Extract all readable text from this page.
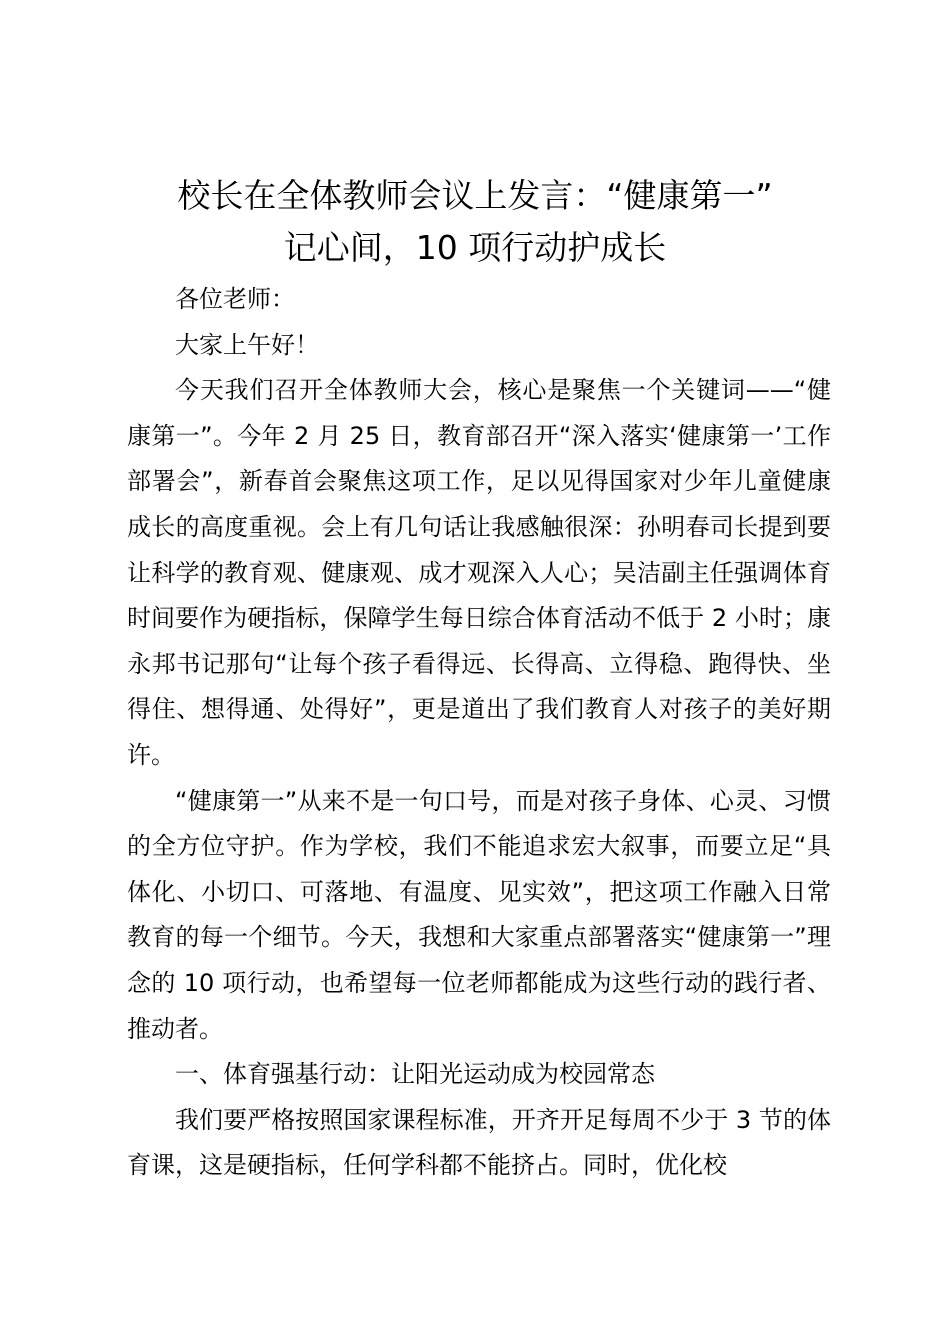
校长在全体教师会议上发言：“健康第一”
记心间，10 项行动护成长

各位老师：

大家上午好！

今天我们召开全体教师大会，核心是聚焦一个关键词——“健康第一”。今年 2 月 25 日，教育部召开“深入落实‘健康第一’工作部署会”，新春首会聚焦这项工作，足以见得国家对少年儿童健康成长的高度重视。会上有几句话让我感触很深：孙明春司长提到要让科学的教育观、健康观、成才观深入人心；吴洁副主任强调体育时间要作为硬指标，保障学生每日综合体育活动不低于 2 小时；康永邦书记那句“让每个孩子看得远、长得高、立得稳、跑得快、坐得住、想得通、处得好”，更是道出了我们教育人对孩子的美好期许。

“健康第一”从来不是一句口号，而是对孩子身体、心灵、习惯的全方位守护。作为学校，我们不能追求宏大叙事，而要立足“具体化、小切口、可落地、有温度、见实效”，把这项工作融入日常教育的每一个细节。今天，我想和大家重点部署落实“健康第一”理念的 10 项行动，也希望每一位老师都能成为这些行动的践行者、推动者。

一、体育强基行动：让阳光运动成为校园常态

我们要严格按照国家课程标准，开齐开足每周不少于 3 节的体育课，这是硬指标，任何学科都不能挤占。同时，优化校
